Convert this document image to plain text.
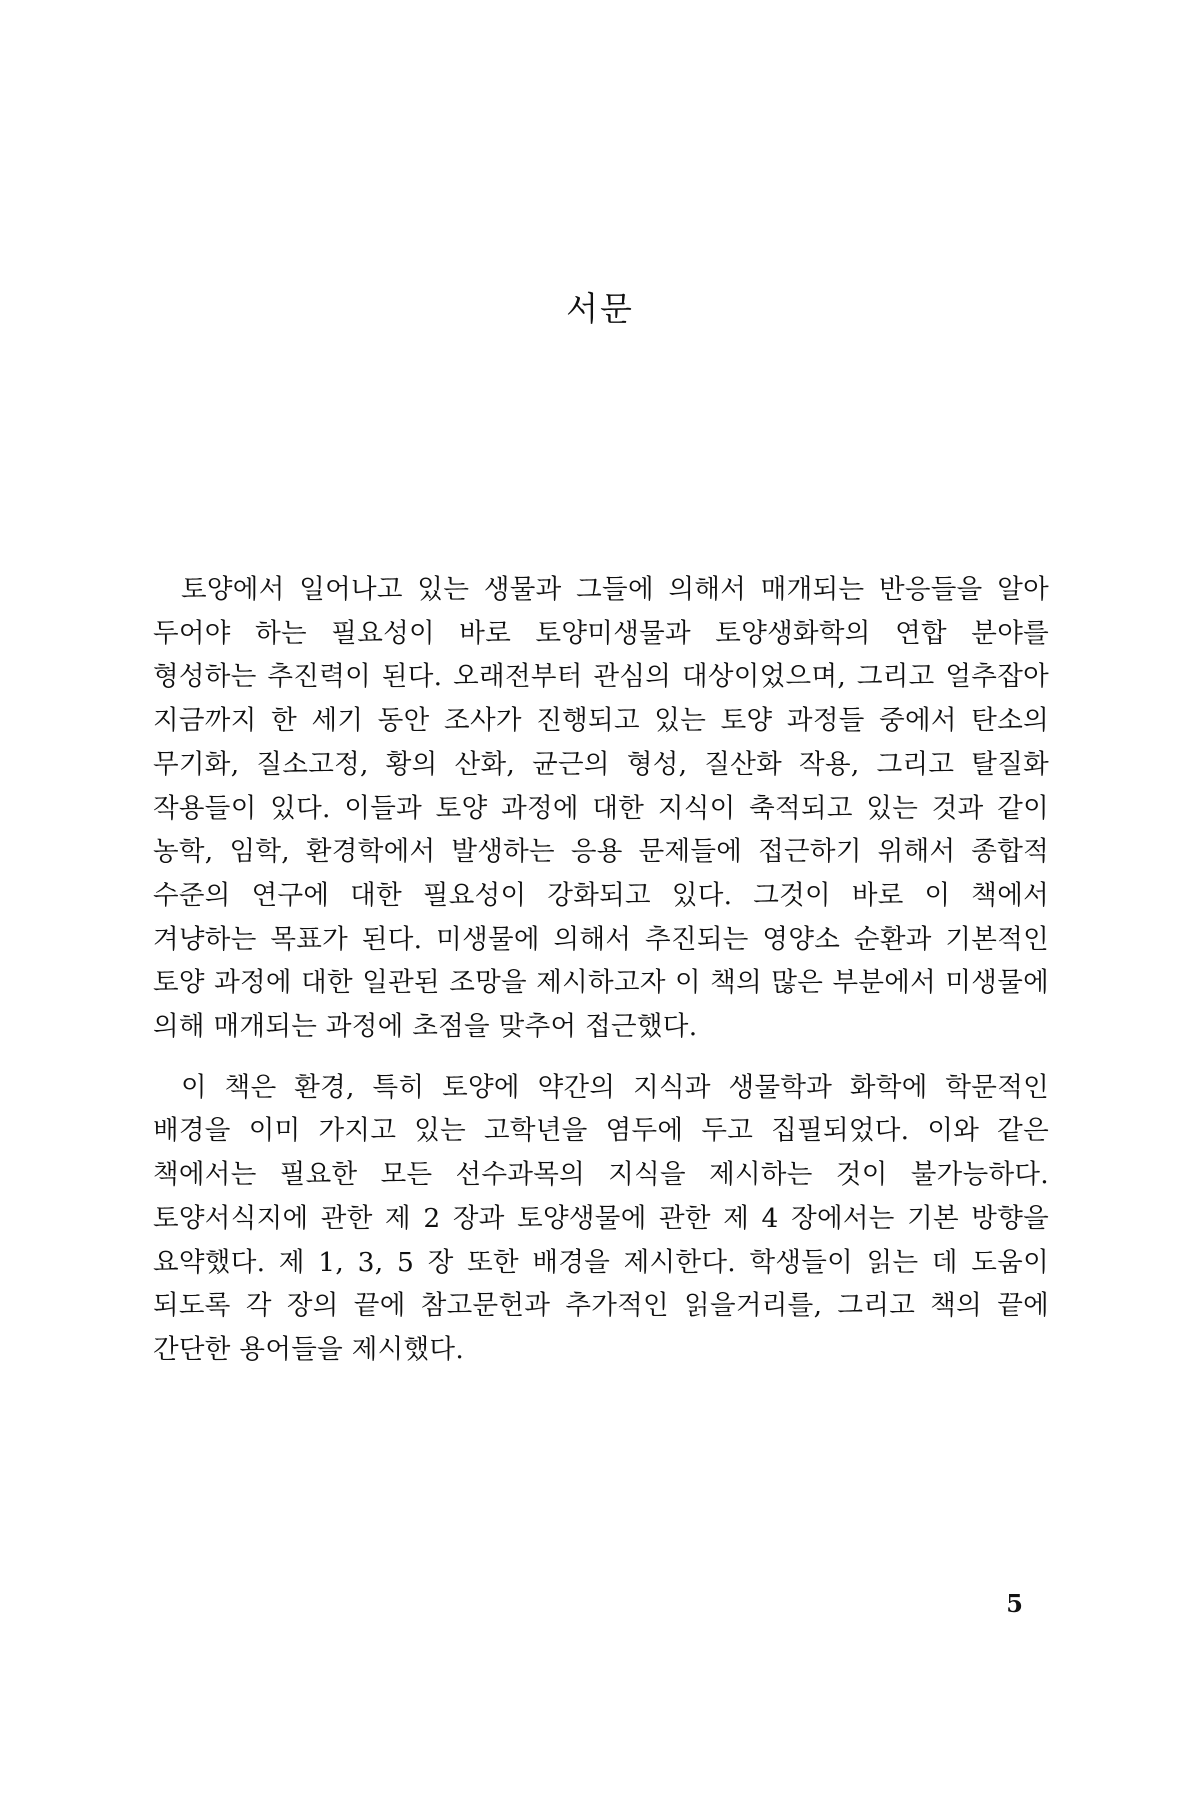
서문

토양에서 일어나고 있는 생물과 그들에 의해서 매개되는 반응들을 알아 두어야 하는 필요성이 바로 토양미생물과 토양생화학의 연합 분야를 형성하는 추진력이 된다. 오래전부터 관심의 대상이었으며, 그리고 얼추잡아 지금까지 한 세기 동안 조사가 진행되고 있는 토양 과정들 중에서 탄소의 무기화, 질소고정, 황의 산화, 균근의 형성, 질산화 작용, 그리고 탈질화 작용들이 있다. 이들과 토양 과정에 대한 지식이 축적되고 있는 것과 같이 농학, 임학, 환경학에서 발생하는 응용 문제들에 접근하기 위해서 종합적 수준의 연구에 대한 필요성이 강화되고 있다. 그것이 바로 이 책에서 겨냥하는 목표가 된다. 미생물에 의해서 추진되는 영양소 순환과 기본적인 토양 과정에 대한 일관된 조망을 제시하고자 이 책의 많은 부분에서 미생물에 의해 매개되는 과정에 초점을 맞추어 접근했다.

이 책은 환경, 특히 토양에 약간의 지식과 생물학과 화학에 학문적인 배경을 이미 가지고 있는 고학년을 염두에 두고 집필되었다. 이와 같은 책에서는 필요한 모든 선수과목의 지식을 제시하는 것이 불가능하다. 토양서식지에 관한 제 2 장과 토양생물에 관한 제 4 장에서는 기본 방향을 요약했다. 제 1, 3, 5 장 또한 배경을 제시한다. 학생들이 읽는 데 도움이 되도록 각 장의 끝에 참고문헌과 추가적인 읽을거리를, 그리고 책의 끝에 간단한 용어들을 제시했다.

5
